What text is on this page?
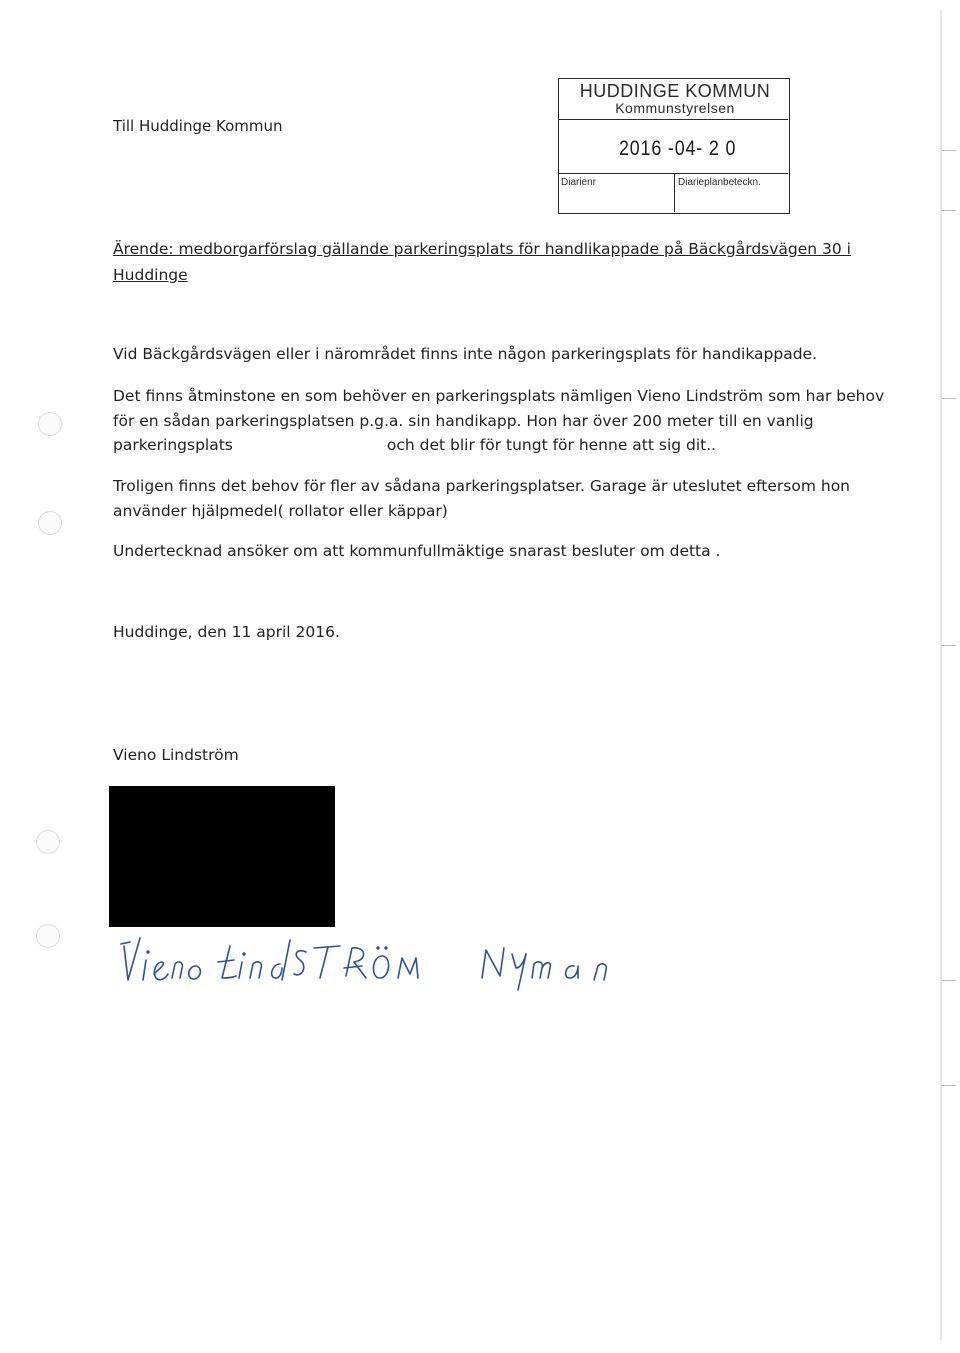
Till Huddinge Kommun
HUDDINGE KOMMUN
Kommunstyrelsen
2016 -04- 2 0
Diarienr	Diarieplanbeteckn.
Ärende: medborgarförslag gällande parkeringsplats för handlikappade på Bäckgårdsvägen 30 i
Huddinge
Vid Bäckgårdsvägen eller i närområdet finns inte någon parkeringsplats för handikappade.
Det finns åtminstone en som behöver en parkeringsplats nämligen Vieno Lindström som har behov
för en sådan parkeringsplatsen p.g.a. sin handikapp. Hon har över 200 meter till en vanlig
parkeringsplats	och det blir för tungt för henne att sig dit..
Troligen finns det behov för fler av sådana parkeringsplatser. Garage är uteslutet eftersom hon
använder hjälpmedel( rollator eller käppar)
Undertecknad ansöker om att kommunfullmäktige snarast besluter om detta .
Huddinge, den 11 april 2016.
Vieno Lindström
